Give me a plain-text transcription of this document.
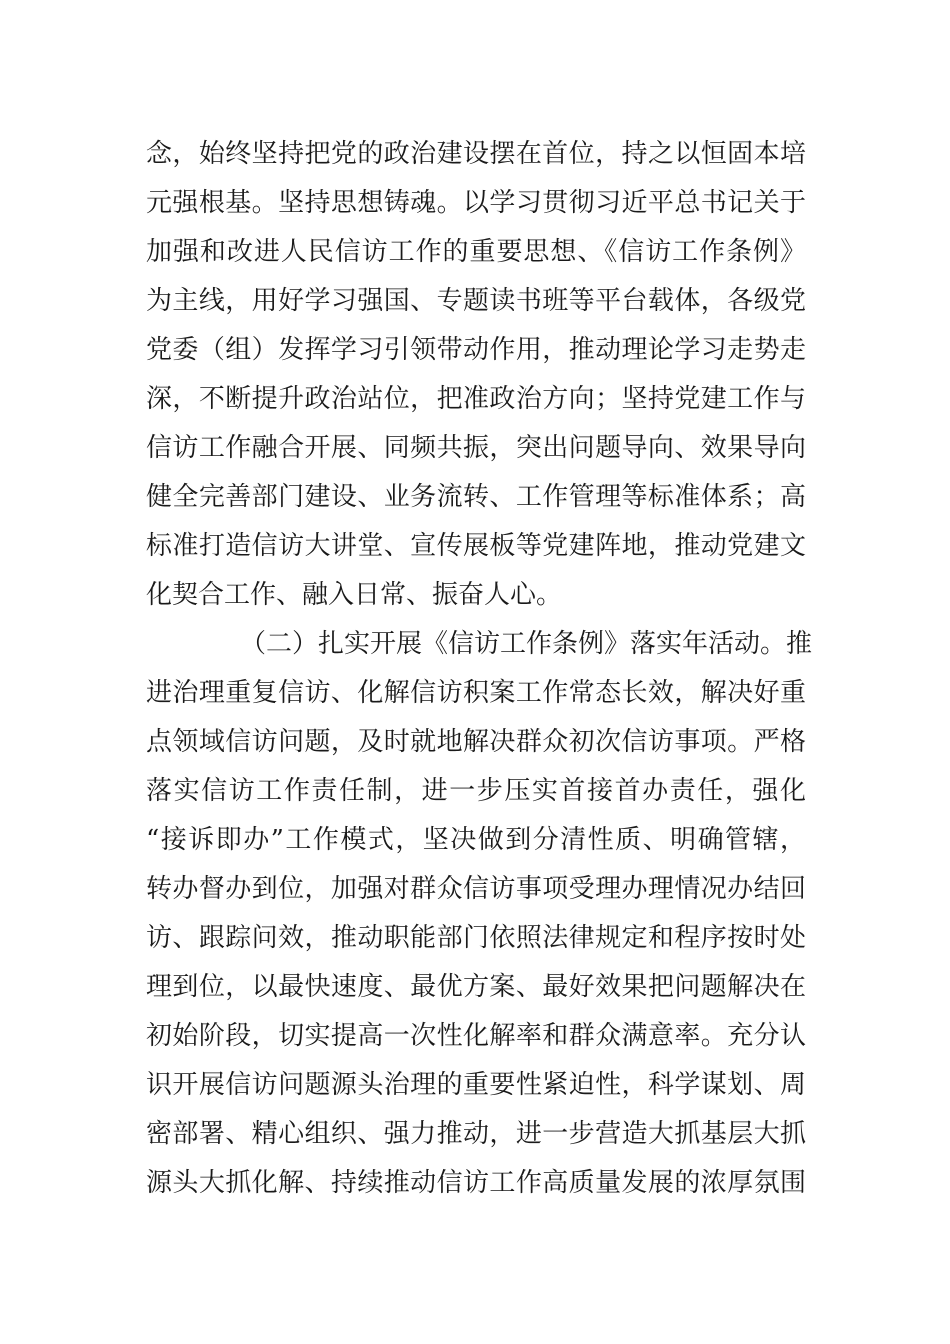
念，始终坚持把党的政治建设摆在首位，持之以恒固本培
元强根基。坚持思想铸魂。以学习贯彻习近平总书记关于
加强和改进人民信访工作的重要思想、《信访工作条例》
为主线，用好学习强国、专题读书班等平台载体，各级党
党委（组）发挥学习引领带动作用，推动理论学习走势走
深，不断提升政治站位，把准政治方向；坚持党建工作与
信访工作融合开展、同频共振，突出问题导向、效果导向
健全完善部门建设、业务流转、工作管理等标准体系；高
标准打造信访大讲堂、宣传展板等党建阵地，推动党建文
化契合工作、融入日常、振奋人心。
（二）扎实开展《信访工作条例》落实年活动。推
进治理重复信访、化解信访积案工作常态长效，解决好重
点领域信访问题，及时就地解决群众初次信访事项。严格
落实信访工作责任制，进一步压实首接首办责任，强化
“接诉即办”工作模式，坚决做到分清性质、明确管辖，
转办督办到位，加强对群众信访事项受理办理情况办结回
访、跟踪问效，推动职能部门依照法律规定和程序按时处
理到位，以最快速度、最优方案、最好效果把问题解决在
初始阶段，切实提高一次性化解率和群众满意率。充分认
识开展信访问题源头治理的重要性紧迫性，科学谋划、周
密部署、精心组织、强力推动，进一步营造大抓基层大抓
源头大抓化解、持续推动信访工作高质量发展的浓厚氛围
